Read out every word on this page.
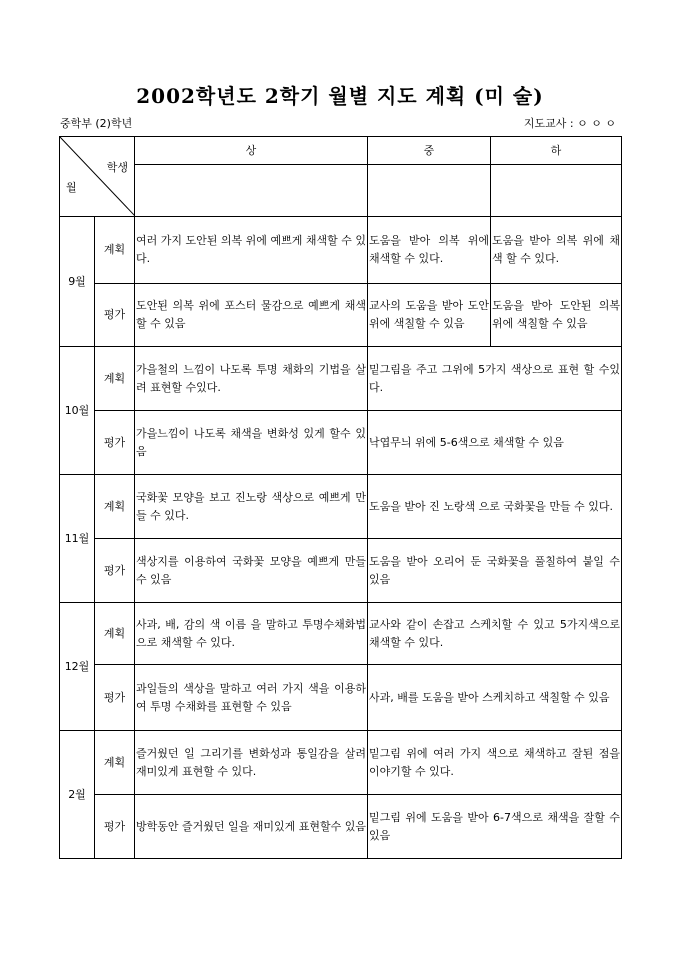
2002학년도 2학기 월별 지도 계획 (미 술)
중학부 (2)학년	지도교사 : ㅇ ㅇ ㅇ
학생
월		상	중	하

9월	계획	여러 가지 도안된 의복 위에 예쁘게 채색할 수 있다.	도움을 받아 의복 위에 채색할 수 있다.	도움을 받아 의복 위에 채색 할 수 있다.
	평가	도안된 의복 위에 포스터 물감으로 예쁘게 채색할 수 있음	교사의 도움을 받아 도안위에 색칠할 수 있음	도움을 받아 도안된 의복 위에 색칠할 수 있음
10월	계획	가을철의 느낌이 나도록 투명 채화의 기법을 살려 표현할 수있다.	밑그림을 주고 그위에 5가지 색상으로 표현 할 수있다.	
	평가	가을느낌이 나도록 채색을 변화성 있게 할수 있음	낙엽무늬 위에 5-6색으로 채색할 수 있음	
11월	계획	국화꽃 모양을 보고 진노랑 색상으로 예쁘게 만들 수 있다.	도움을 받아 진 노랑색 으로 국화꽃을 만들 수 있다.	
	평가	색상지를 이용하여 국화꽃 모양을 예쁘게 만들 수 있음	도움을 받아 오리어 둔 국화꽃을 풀칠하여 붙일 수 있음	
12월	계획	사과, 배, 감의 색 이름 을 말하고 투명수채화법으로 채색할 수 있다.	교사와 같이 손잡고 스케치할 수 있고 5가지색으로 채색할 수 있다.	
	평가	과일들의 색상을 말하고 여러 가지 색을 이용하여 투명 수채화를 표현할 수 있음	사과, 배를 도움을 받아 스케치하고 색칠할 수 있음	
2월	계획	즐거웠던 일 그리기를 변화성과 통일감을 살려 재미있게 표현할 수 있다.	밑그림 위에 여러 가지 색으로 채색하고 잘된 점을 이야기할 수 있다.	
	평가	방학동안 즐거웠던 일을 재미있게 표현할수 있음	밑그림 위에 도움을 받아 6-7색으로 채색을 잘할 수 있음	
